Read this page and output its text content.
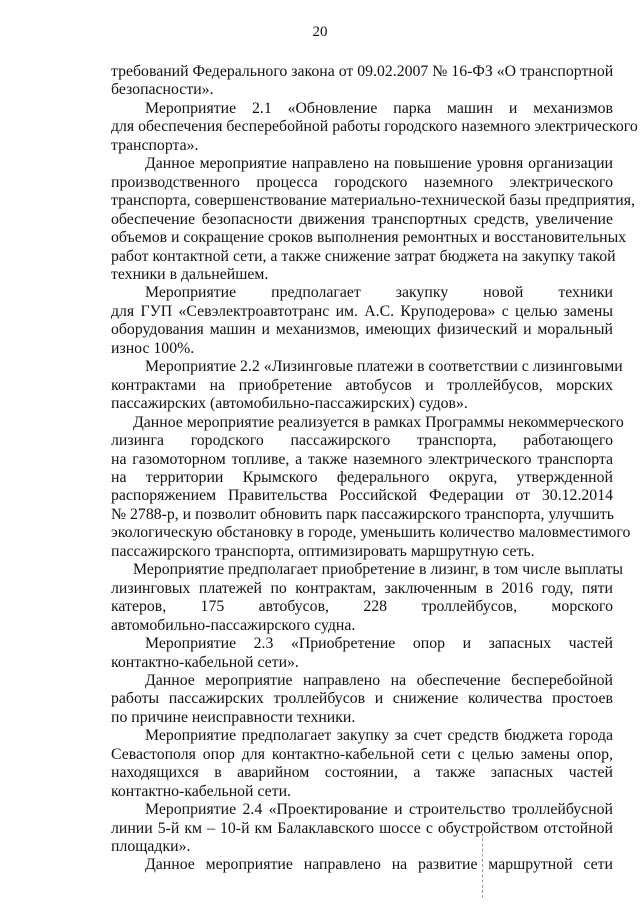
20
требований Федерального закона от 09.02.2007 № 16-ФЗ «О транспортной
безопасности».
Мероприятие 2.1 «Обновление парка машин и механизмов
для обеспечения бесперебойной работы городского наземного электрического
транспорта».
Данное мероприятие направлено на повышение уровня организации
производственного процесса городского наземного электрического
транспорта, совершенствование материально-технической базы предприятия,
обеспечение безопасности движения транспортных средств, увеличение
объемов и сокращение сроков выполнения ремонтных и восстановительных
работ контактной сети, а также снижение затрат бюджета на закупку такой
техники в дальнейшем.
Мероприятие предполагает закупку новой техники
для ГУП «Севэлектроавтотранс им. А.С. Круподерова» с целью замены
оборудования машин и механизмов, имеющих физический и моральный
износ 100%.
Мероприятие 2.2 «Лизинговые платежи в соответствии с лизинговыми
контрактами на приобретение автобусов и троллейбусов, морских
пассажирских (автомобильно-пассажирских) судов».
Данное мероприятие реализуется в рамках Программы некоммерческого
лизинга городского пассажирского транспорта, работающего
на газомоторном топливе, а также наземного электрического транспорта
на территории Крымского федерального округа, утвержденной
распоряжением Правительства Российской Федерации от 30.12.2014
№ 2788-р, и позволит обновить парк пассажирского транспорта, улучшить
экологическую обстановку в городе, уменьшить количество маловместимого
пассажирского транспорта, оптимизировать маршрутную сеть.
Мероприятие предполагает приобретение в лизинг, в том числе выплаты
лизинговых платежей по контрактам, заключенным в 2016 году, пяти
катеров, 175 автобусов, 228 троллейбусов, морского
автомобильно-пассажирского судна.
Мероприятие 2.3 «Приобретение опор и запасных частей
контактно-кабельной сети».
Данное мероприятие направлено на обеспечение бесперебойной
работы пассажирских троллейбусов и снижение количества простоев
по причине неисправности техники.
Мероприятие предполагает закупку за счет средств бюджета города
Севастополя опор для контактно-кабельной сети с целью замены опор,
находящихся в аварийном состоянии, а также запасных частей
контактно-кабельной сети.
Мероприятие 2.4 «Проектирование и строительство троллейбусной
линии 5-й км – 10-й км Балаклавского шоссе с обустройством отстойной
площадки».
Данное мероприятие направлено на развитие маршрутной сети
